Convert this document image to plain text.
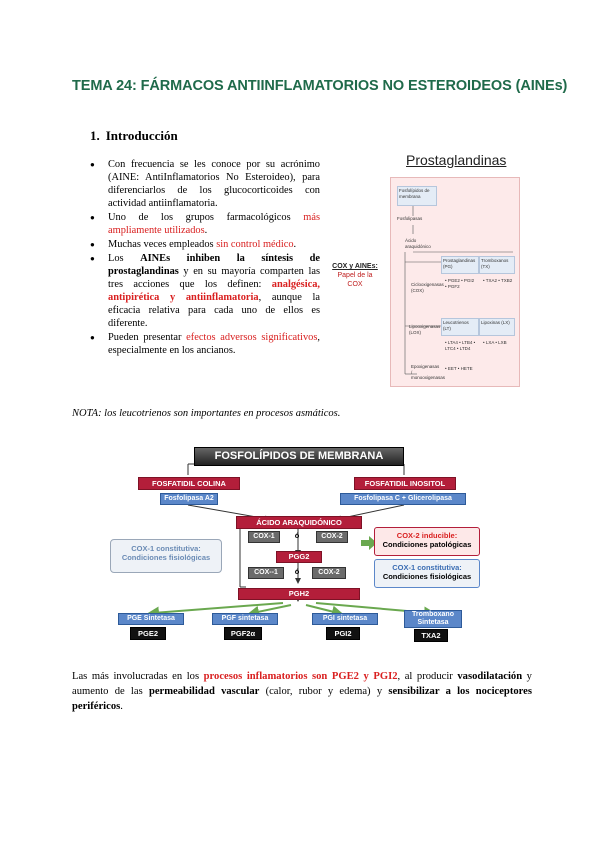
TEMA 24: FÁRMACOS ANTIINFLAMATORIOS NO ESTEROIDEOS (AINEs)
1. Introducción
● Con frecuencia se les conoce por su acrónimo (AINE: AntiInflamatorios No Esteroideo), para diferenciarlos de los glucocorticoides con actividad antiinflamatoria.
● Uno de los grupos farmacológicos más ampliamente utilizados.
● Muchas veces empleados sin control médico.
● Los AINEs inhiben la síntesis de prostaglandinas y en su mayoría comparten las tres acciones que los definen: analgésica, antipirética y antiinflamatoria, aunque la eficacia relativa para cada uno de ellos es diferente.
● Pueden presentar efectos adversos significativos, especialmente en los ancianos.
Prostaglandinas
COX y AINEs:

Papel de la COX
Fosfolípidos de membrana
Fosfolipasas
Ácido araquidónico
Ciclooxigenasas (COX)
Prostaglandinas (PG)
Tromboxanos (TX)
• PGE2 • PGI2 • PGF2
• TXA2 • TXB2
Lipooxigenasas (LOX)
Leucotrienos (LT)
Lipoxinas (LX)
• LTA4 • LTB4 • LTC4 • LTD4
• LXA • LXB
Epoxigenasas / monooxigenasas
• EET • HETE
NOTA: los leucotrienos son importantes en procesos asmáticos.
FOSFOLÍPIDOS DE MEMBRANA
FOSFATIDIL COLINA	FOSFATIDIL INOSITOL
Fosfolipasa A2	Fosfolipasa C + Glicerolipasa
ÁCIDO ARAQUIDÓNICO
COX-1	ó	COX-2
PGG2
COX--1	ó	COX-2
PGH2
COX-1 constitutiva:
Condiciones fisiológicas
COX-2 inducible:
Condiciones patológicas
COX-1 constitutiva:
Condiciones fisiológicas
PGE Sintetasa
PGE2
PGF sintetasa
PGF2α
PGI sintetasa
PGI2
Tromboxano Sintetasa
TXA2
Las más involucradas en los procesos inflamatorios son PGE2 y PGI2, al producir vasodilatación y aumento de las permeabilidad vascular (calor, rubor y edema) y sensibilizar a los nociceptores periféricos.
